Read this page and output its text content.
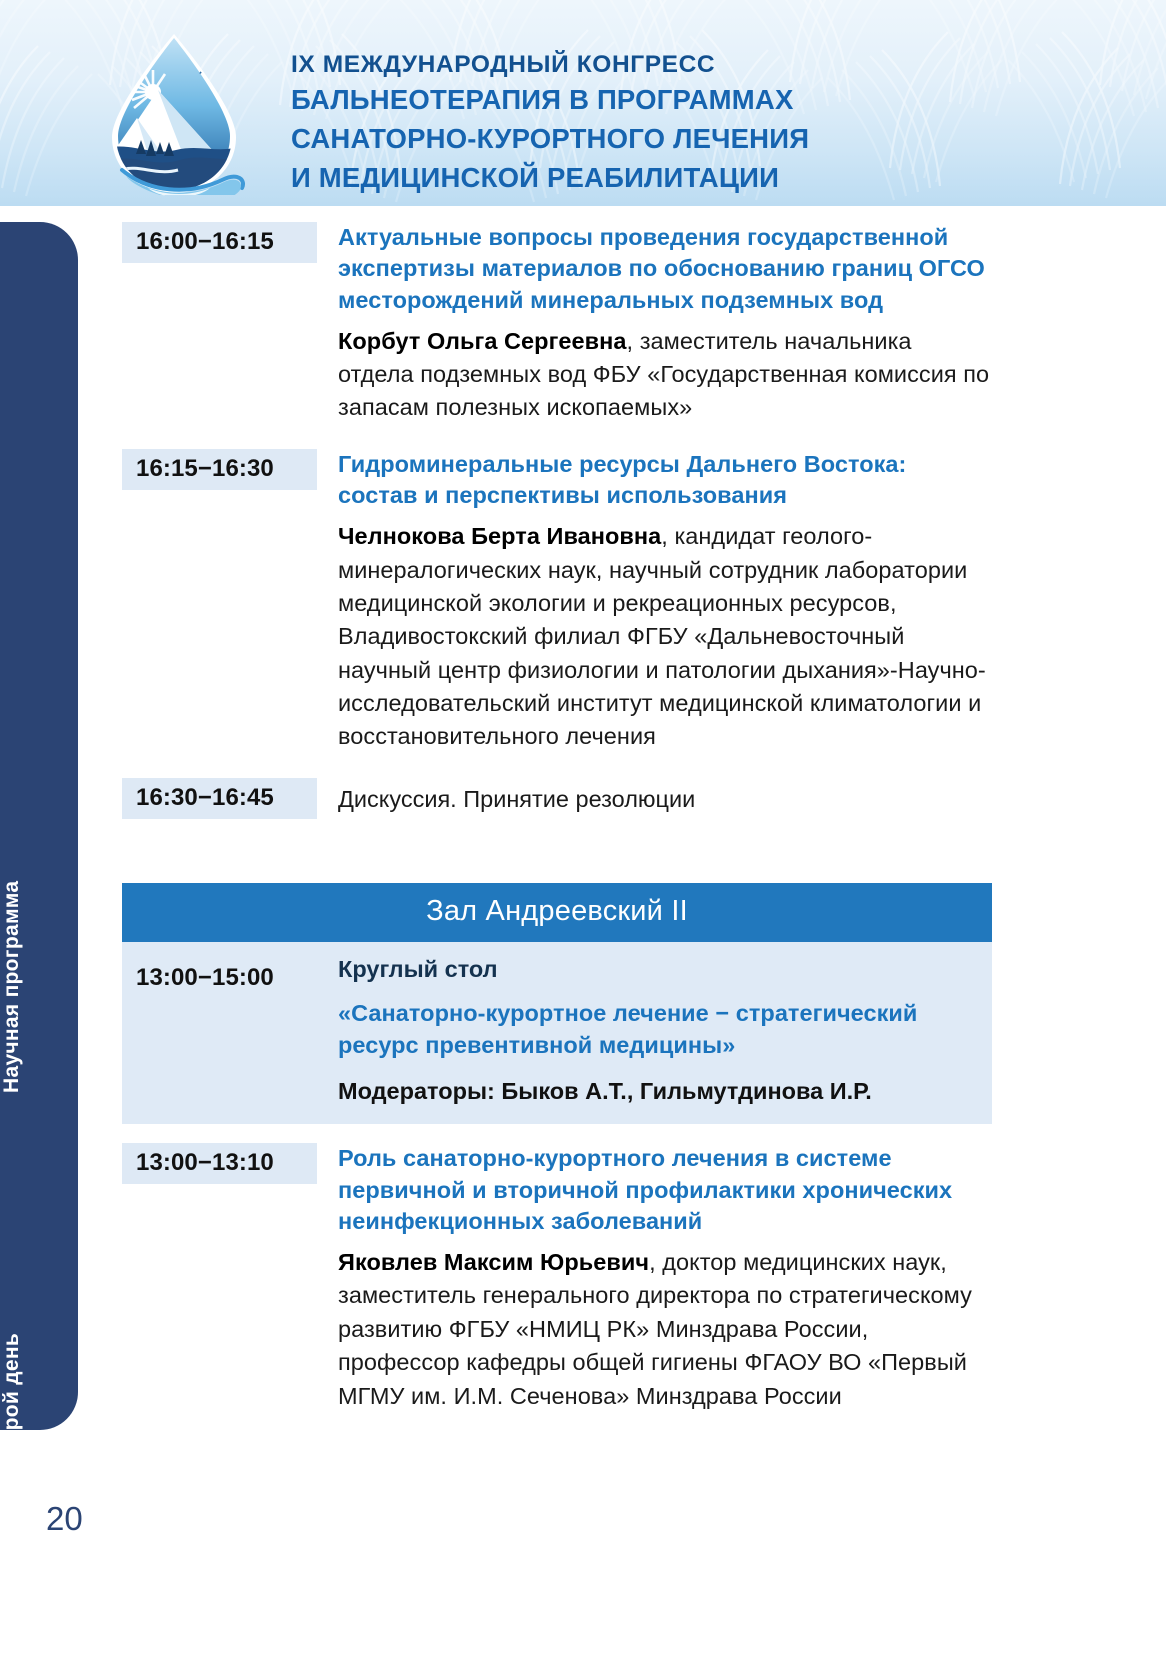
IX МЕЖДУНАРОДНЫЙ КОНГРЕСС
БАЛЬНЕОТЕРАПИЯ В ПРОГРАММАХ
САНАТОРНО-КУРОРТНОГО ЛЕЧЕНИЯ
И МЕДИЦИНСКОЙ РЕАБИЛИТАЦИИ
Научная программа
20 марта, второй день
16:00−16:15	Актуальные вопросы проведения государственной экспертизы материалов по обоснованию границ ОГСО месторождений минеральных подземных вод
Корбут Ольга Сергеевна, заместитель начальника отдела подземных вод ФБУ «Государственная комиссия по запасам полезных ископаемых»
16:15−16:30	Гидроминеральные ресурсы Дальнего Востока: состав и перспективы использования
Челнокова Берта Ивановна, кандидат геолого-минералогических наук, научный сотрудник лаборатории медицинской экологии и рекреационных ресурсов, Владивостокский филиал ФГБУ «Дальневосточный научный центр физиологии и патологии дыхания»-Научно-исследовательский институт медицинской климатологии и восстановительного лечения
16:30−16:45	Дискуссия. Принятие резолюции
Зал Андреевский II
13:00−15:00	Круглый стол
«Санаторно-курортное лечение − стратегический ресурс превентивной медицины»
Модераторы: Быков А.Т., Гильмутдинова И.Р.
13:00−13:10	Роль санаторно-курортного лечения в системе первичной и вторичной профилактики хронических неинфекционных заболеваний
Яковлев Максим Юрьевич, доктор медицинских наук, заместитель генерального директора по стратегическому развитию ФГБУ «НМИЦ РК» Минздрава России, профессор кафедры общей гигиены ФГАОУ ВО «Первый МГМУ им. И.М. Сеченова» Минздрава России
20
